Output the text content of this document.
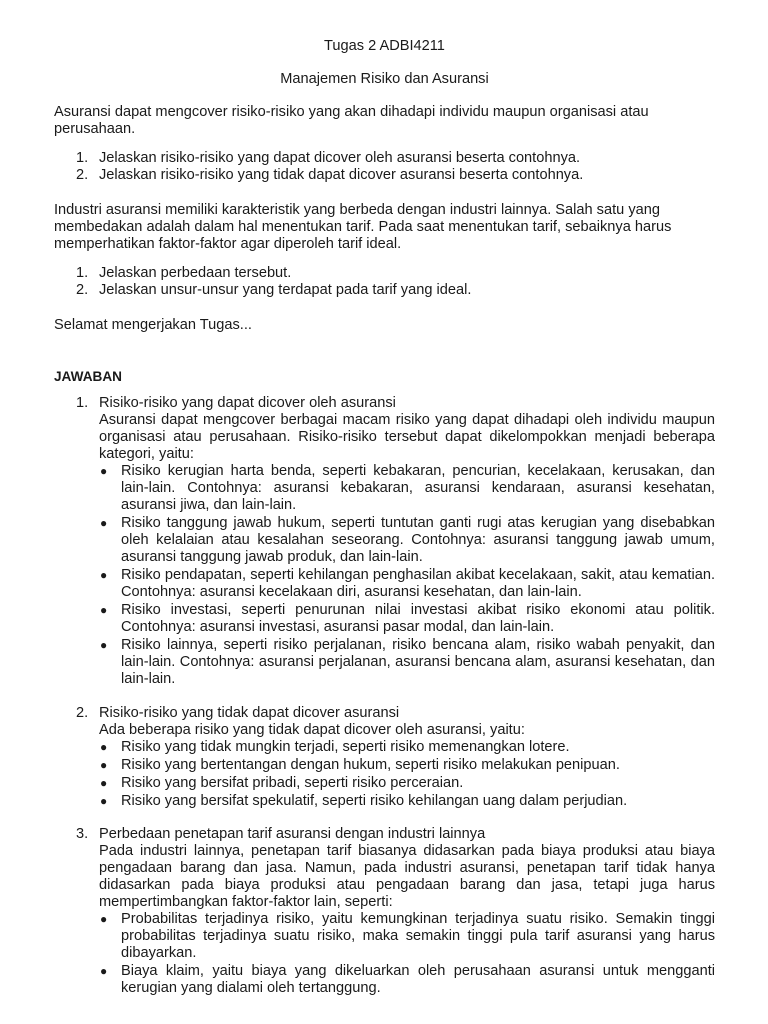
Tugas 2 ADBI4211

Manajemen Risiko dan Asuransi

Asuransi dapat mengcover risiko-risiko yang akan dihadapi individu maupun organisasi atau perusahaan.

1. Jelaskan risiko-risiko yang dapat dicover oleh asuransi beserta contohnya.
2. Jelaskan risiko-risiko yang tidak dapat dicover asuransi beserta contohnya.

Industri asuransi memiliki karakteristik yang berbeda dengan industri lainnya. Salah satu yang membedakan adalah dalam hal menentukan tarif. Pada saat menentukan tarif, sebaiknya harus memperhatikan faktor-faktor agar diperoleh tarif ideal.

1. Jelaskan perbedaan tersebut.
2. Jelaskan unsur-unsur yang terdapat pada tarif yang ideal.

Selamat mengerjakan Tugas...

JAWABAN

1. Risiko-risiko yang dapat dicover oleh asuransi

Asuransi dapat mengcover berbagai macam risiko yang dapat dihadapi oleh individu maupun organisasi atau perusahaan. Risiko-risiko tersebut dapat dikelompokkan menjadi beberapa kategori, yaitu:

● Risiko kerugian harta benda, seperti kebakaran, pencurian, kecelakaan, kerusakan, dan lain-lain. Contohnya: asuransi kebakaran, asuransi kendaraan, asuransi kesehatan, asuransi jiwa, dan lain-lain.
● Risiko tanggung jawab hukum, seperti tuntutan ganti rugi atas kerugian yang disebabkan oleh kelalaian atau kesalahan seseorang. Contohnya: asuransi tanggung jawab umum, asuransi tanggung jawab produk, dan lain-lain.
● Risiko pendapatan, seperti kehilangan penghasilan akibat kecelakaan, sakit, atau kematian. Contohnya: asuransi kecelakaan diri, asuransi kesehatan, dan lain-lain.
● Risiko investasi, seperti penurunan nilai investasi akibat risiko ekonomi atau politik. Contohnya: asuransi investasi, asuransi pasar modal, dan lain-lain.
● Risiko lainnya, seperti risiko perjalanan, risiko bencana alam, risiko wabah penyakit, dan lain-lain. Contohnya: asuransi perjalanan, asuransi bencana alam, asuransi kesehatan, dan lain-lain.
2. Risiko-risiko yang tidak dapat dicover asuransi

Ada beberapa risiko yang tidak dapat dicover oleh asuransi, yaitu:

● Risiko yang tidak mungkin terjadi, seperti risiko memenangkan lotere.
● Risiko yang bertentangan dengan hukum, seperti risiko melakukan penipuan.
● Risiko yang bersifat pribadi, seperti risiko perceraian.
● Risiko yang bersifat spekulatif, seperti risiko kehilangan uang dalam perjudian.
3. Perbedaan penetapan tarif asuransi dengan industri lainnya

Pada industri lainnya, penetapan tarif biasanya didasarkan pada biaya produksi atau biaya pengadaan barang dan jasa. Namun, pada industri asuransi, penetapan tarif tidak hanya didasarkan pada biaya produksi atau pengadaan barang dan jasa, tetapi juga harus mempertimbangkan faktor-faktor lain, seperti:

● Probabilitas terjadinya risiko, yaitu kemungkinan terjadinya suatu risiko. Semakin tinggi probabilitas terjadinya suatu risiko, maka semakin tinggi pula tarif asuransi yang harus dibayarkan.
● Biaya klaim, yaitu biaya yang dikeluarkan oleh perusahaan asuransi untuk mengganti kerugian yang dialami oleh tertanggung.
